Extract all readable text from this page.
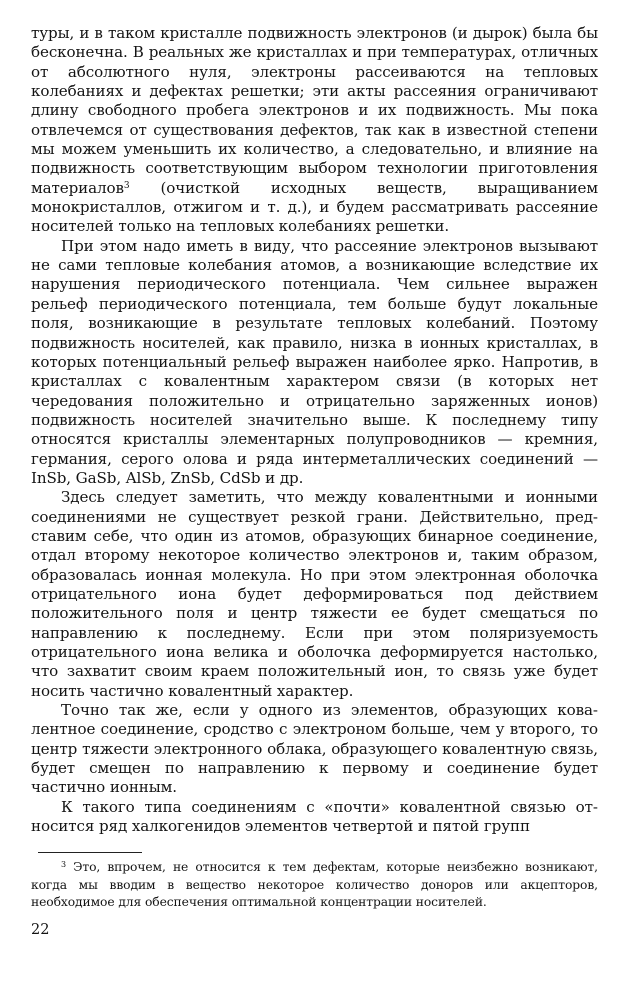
туры, и в таком кристалле подвижность электронов (и дырок) была бы бесконечна. В реальных же кристаллах и при температурах, отличных от абсолютного нуля, электроны рассеиваются на тепловых колебаниях и дефектах решетки; эти акты рассеяния ограничивают длину свободного пробега электронов и их подвижность. Мы пока отвлечемся от существования дефектов, так как в известной степени мы можем уменьшить их количество, а следовательно, и влияние на подвижность соответствующим выбором технологии приготовления материалов$^3$ (очисткой исходных веществ, выращиванием монокристаллов, отжигом и т. д.), и будем рассматривать рассеяние носителей только на тепловых колебаниях решетки.

При этом надо иметь в виду, что рассеяние электронов вызывают не сами тепловые колебания атомов, а возникающие вследствие их нарушения периодического потенциала. Чем сильнее выражен рельеф периодического потенциала, тем больше будут локальные поля, возникающие в результате тепловых колебаний. Поэтому подвижность носителей, как правило, низка в ионных кристаллах, в которых потенциальный рельеф выражен наиболее ярко. Напротив, в кристаллах с ковалентным характером связи (в которых нет чередования положительно и отрицательно заряженных ионов) подвижность носителей значительно выше. К последнему типу относятся кристаллы элементарных полупроводников — кремния, германия, серого олова и ряда интерметаллических соединений — InSb, GaSb, AlSb, ZnSb, CdSb и др.

Здесь следует заметить, что между ковалентными и ионными соединениями не существует резкой грани. Действительно, представим себе, что один из атомов, образующих бинарное соединение, отдал второму некоторое количество электронов и, таким образом, образовалась ионная молекула. Но при этом электронная оболочка отрицательного иона будет деформироваться под действием положительного поля и центр тяжести ее будет смещаться по направлению к последнему. Если при этом поляризуемость отрицательного иона велика и оболочка деформируется настолько, что захватит своим краем положительный ион, то связь уже будет носить частично ковалентный характер.

Точно так же, если у одного из элементов, образующих ковалентное соединение, сродство с электроном больше, чем у второго, то центр тяжести электронного облака, образующего ковалентную связь, будет смещен по направлению к первому и соединение будет частично ионным.

К такого типа соединениям с «почти» ковалентной связью относится ряд халкогенидов элементов четвертой и пятой групп

$^3$ Это, впрочем, не относится к тем дефектам, которые неизбежно возникают, когда мы вводим в вещество некоторое количество доноров или акцепторов, необходимое для обеспечения оптимальной концентрации носителей.

22
